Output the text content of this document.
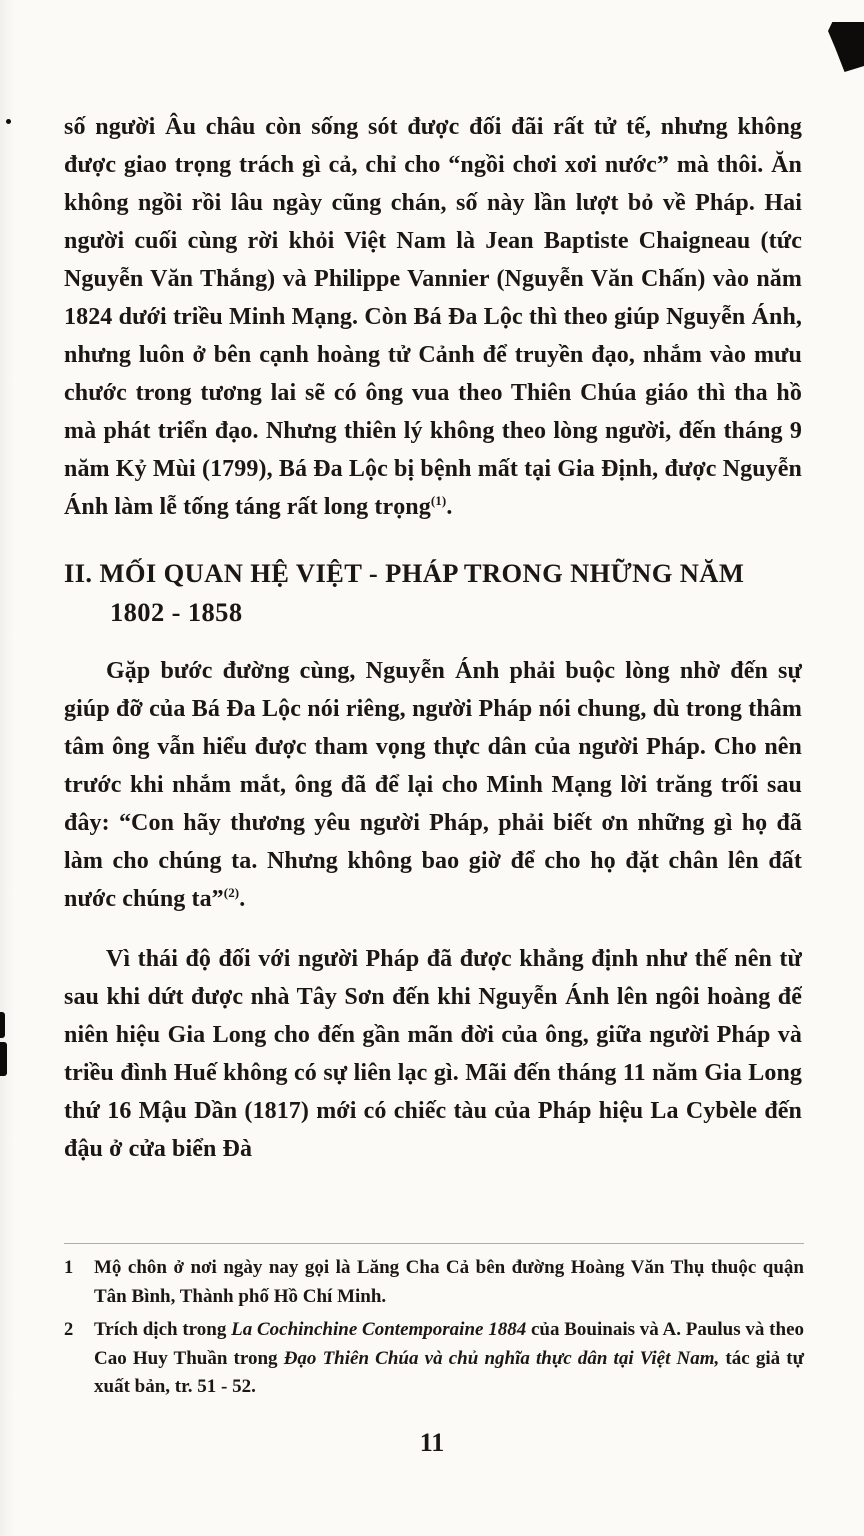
số người Âu châu còn sống sót được đối đãi rất tử tế, nhưng không được giao trọng trách gì cả, chỉ cho “ngồi chơi xơi nước” mà thôi. Ăn không ngồi rồi lâu ngày cũng chán, số này lần lượt bỏ về Pháp. Hai người cuối cùng rời khỏi Việt Nam là Jean Baptiste Chaigneau (tức Nguyễn Văn Thắng) và Philippe Vannier (Nguyễn Văn Chấn) vào năm 1824 dưới triều Minh Mạng. Còn Bá Đa Lộc thì theo giúp Nguyễn Ánh, nhưng luôn ở bên cạnh hoàng tử Cảnh để truyền đạo, nhắm vào mưu chước trong tương lai sẽ có ông vua theo Thiên Chúa giáo thì tha hồ mà phát triển đạo. Nhưng thiên lý không theo lòng người, đến tháng 9 năm Kỷ Mùi (1799), Bá Đa Lộc bị bệnh mất tại Gia Định, được Nguyễn Ánh làm lễ tống táng rất long trọng$^{(1)}$.

II. MỐI QUAN HỆ VIỆT - PHÁP TRONG NHỮNG NĂM
1802 - 1858

Gặp bước đường cùng, Nguyễn Ánh phải buộc lòng nhờ đến sự giúp đỡ của Bá Đa Lộc nói riêng, người Pháp nói chung, dù trong thâm tâm ông vẫn hiểu được tham vọng thực dân của người Pháp. Cho nên trước khi nhắm mắt, ông đã để lại cho Minh Mạng lời trăng trối sau đây: “Con hãy thương yêu người Pháp, phải biết ơn những gì họ đã làm cho chúng ta. Nhưng không bao giờ để cho họ đặt chân lên đất nước chúng ta”$^{(2)}$.

Vì thái độ đối với người Pháp đã được khẳng định như thế nên từ sau khi dứt được nhà Tây Sơn đến khi Nguyễn Ánh lên ngôi hoàng đế niên hiệu Gia Long cho đến gần mãn đời của ông, giữa người Pháp và triều đình Huế không có sự liên lạc gì. Mãi đến tháng 11 năm Gia Long thứ 16 Mậu Dần (1817) mới có chiếc tàu của Pháp hiệu La Cybèle đến đậu ở cửa biển Đà

1	Mộ chôn ở nơi ngày nay gọi là Lăng Cha Cả bên đường Hoàng Văn Thụ thuộc quận Tân Bình, Thành phố Hồ Chí Minh.
2	Trích dịch trong La Cochinchine Contemporaine 1884 của Bouinais và A. Paulus và theo Cao Huy Thuần trong Đạo Thiên Chúa và chủ nghĩa thực dân tại Việt Nam, tác giả tự xuất bản, tr. 51 - 52.
11
